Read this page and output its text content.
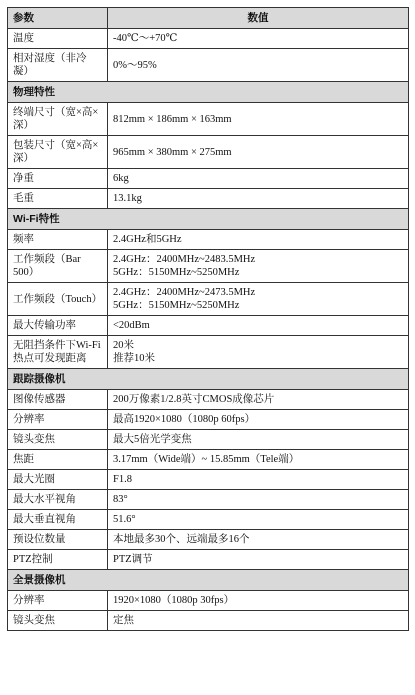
参数	数值
温度	-40℃～+70℃
相对湿度（非冷凝）	0%～95%
物理特性	
终端尺寸（宽×高×深）	812mm × 186mm × 163mm
包装尺寸（宽×高×深）	965mm × 380mm × 275mm
净重	6kg
毛重	13.1kg
Wi-Fi特性	
频率	2.4GHz和5GHz
工作频段（Bar 500）	2.4GHz：2400MHz~2483.5MHz
5GHz：5150MHz~5250MHz

工作频段（Touch）	2.4GHz：2400MHz~2473.5MHz
5GHz：5150MHz~5250MHz

最大传输功率	<20dBm
无阻挡条件下Wi-Fi热点可发现距离	20米
推荐10米

跟踪摄像机	
图像传感器	200万像素1/2.8英寸CMOS成像芯片
分辨率	最高1920×1080（1080p 60fps）
镜头变焦	最大5倍光学变焦
焦距	3.17mm（Wide端）~ 15.85mm（Tele端）
最大光圈	F1.8
最大水平视角	83°
最大垂直视角	51.6°
预设位数量	本地最多30个、远端最多16个
PTZ控制	PTZ调节
全景摄像机	
分辨率	1920×1080（1080p 30fps）
镜头变焦	定焦
